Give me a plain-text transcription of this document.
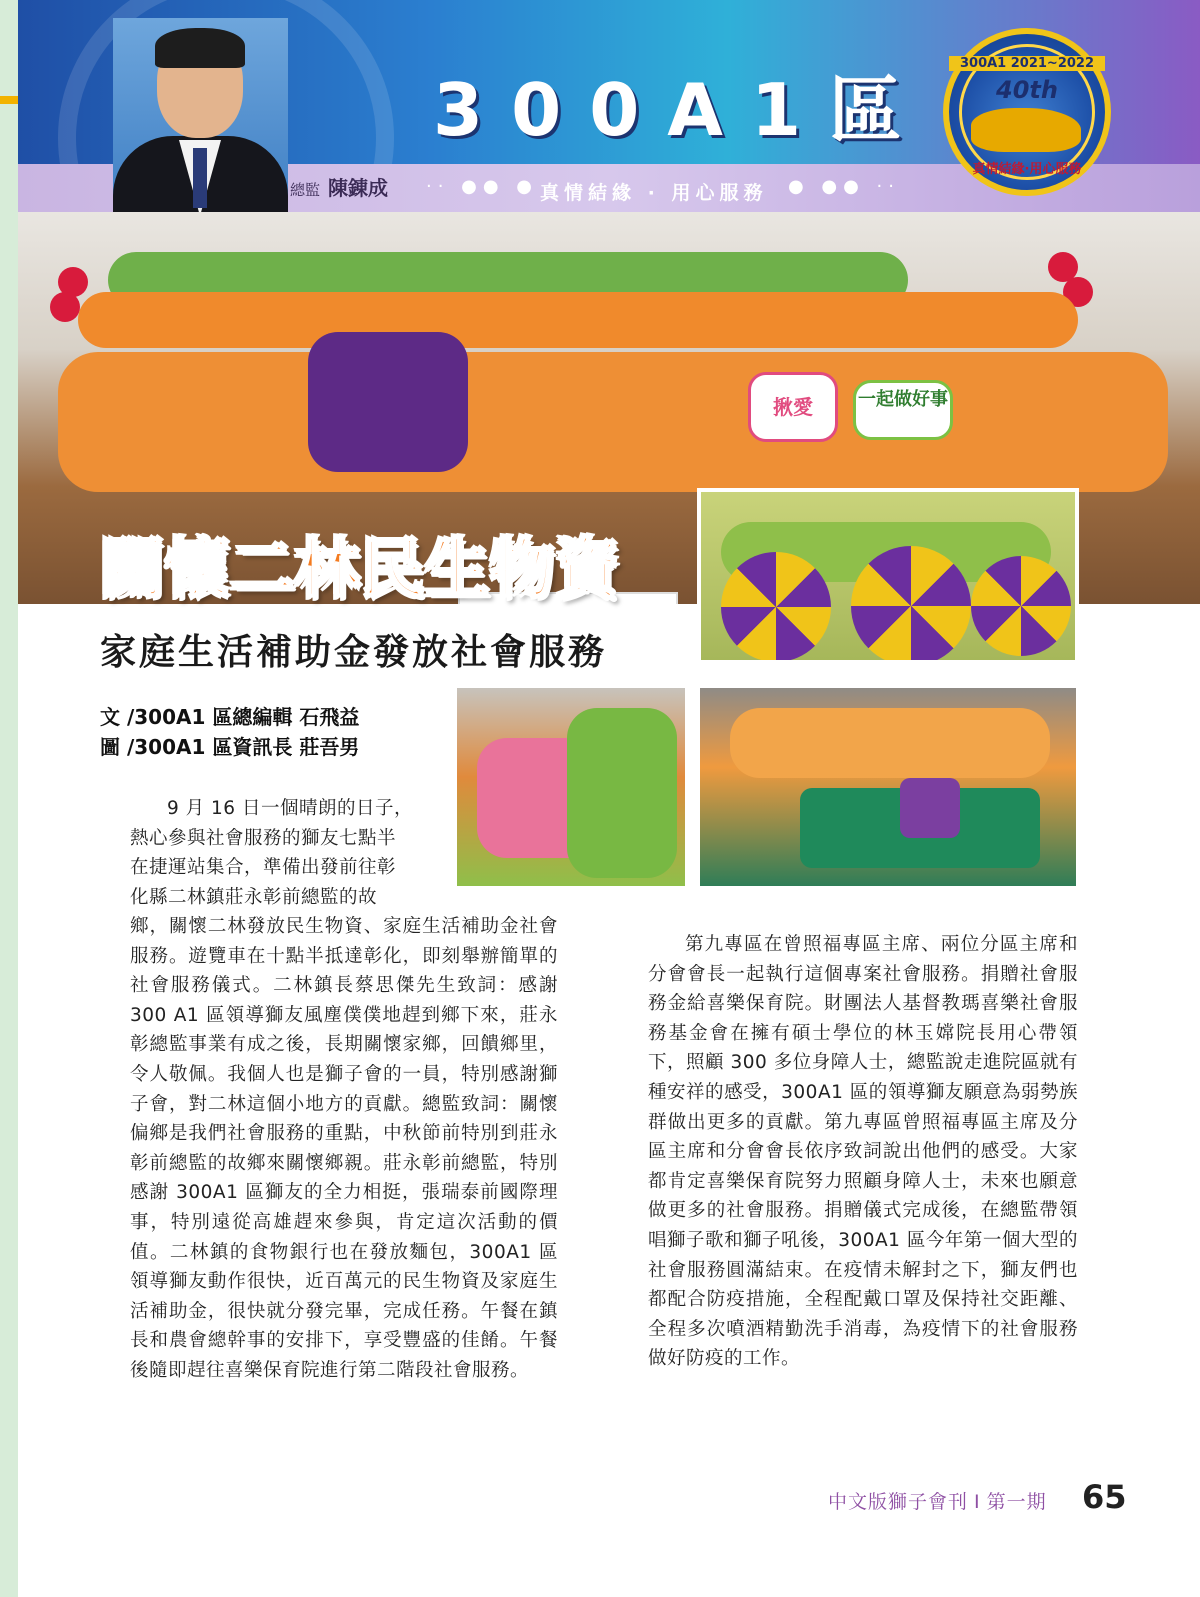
300A1區
總監 陳錬成 ·· ●● ● 真情結緣 · 用心服務 ● ●● ··
300A1 2021~2022
40th
真情結緣·用心服務
揪愛	一起做好事
關懷二林民生物資
家庭生活補助金發放社會服務
文 /300A1 區總編輯 石飛益
圖 /300A1 區資訊長 莊吾男
9 月 16 日一個晴朗的日子，
熱心參與社會服務的獅友七點半
在捷運站集合，準備出發前往彰
化縣二林鎮莊永彰前總監的故
鄉，關懷二林發放民生物資、家庭生活補助金社會服務。遊覽車在十點半抵達彰化，即刻舉辦簡單的社會服務儀式。二林鎮長蔡思傑先生致詞：感謝 300 A1 區領導獅友風塵僕僕地趕到鄉下來，莊永彰總監事業有成之後，長期關懷家鄉，回饋鄉里，令人敬佩。我個人也是獅子會的一員，特別感謝獅子會，對二林這個小地方的貢獻。總監致詞：關懷偏鄉是我們社會服務的重點，中秋節前特別到莊永彰前總監的故鄉來關懷鄉親。莊永彰前總監，特別感謝 300A1 區獅友的全力相挺，張瑞泰前國際理事，特別遠從高雄趕來參與，肯定這次活動的價值。二林鎮的食物銀行也在發放麵包，300A1 區領導獅友動作很快，近百萬元的民生物資及家庭生活補助金，很快就分發完畢，完成任務。午餐在鎮長和農會總幹事的安排下，享受豐盛的佳餚。午餐後隨即趕往喜樂保育院進行第二階段社會服務。
第九專區在曾照福專區主席、兩位分區主席和分會會長一起執行這個專案社會服務。捐贈社會服務金給喜樂保育院。財團法人基督教瑪喜樂社會服務基金會在擁有碩士學位的林玉嫦院長用心帶領下，照顧 300 多位身障人士，總監說走進院區就有種安祥的感受，300A1 區的領導獅友願意為弱勢族群做出更多的貢獻。第九專區曾照福專區主席及分區主席和分會會長依序致詞說出他們的感受。大家都肯定喜樂保育院努力照顧身障人士，未來也願意做更多的社會服務。捐贈儀式完成後，在總監帶領唱獅子歌和獅子吼後，300A1 區今年第一個大型的社會服務圓滿結束。在疫情未解封之下，獅友們也都配合防疫措施，全程配戴口罩及保持社交距離、全程多次噴酒精勤洗手消毒，為疫情下的社會服務做好防疫的工作。
中文版獅子會刊 I 第一期 65
